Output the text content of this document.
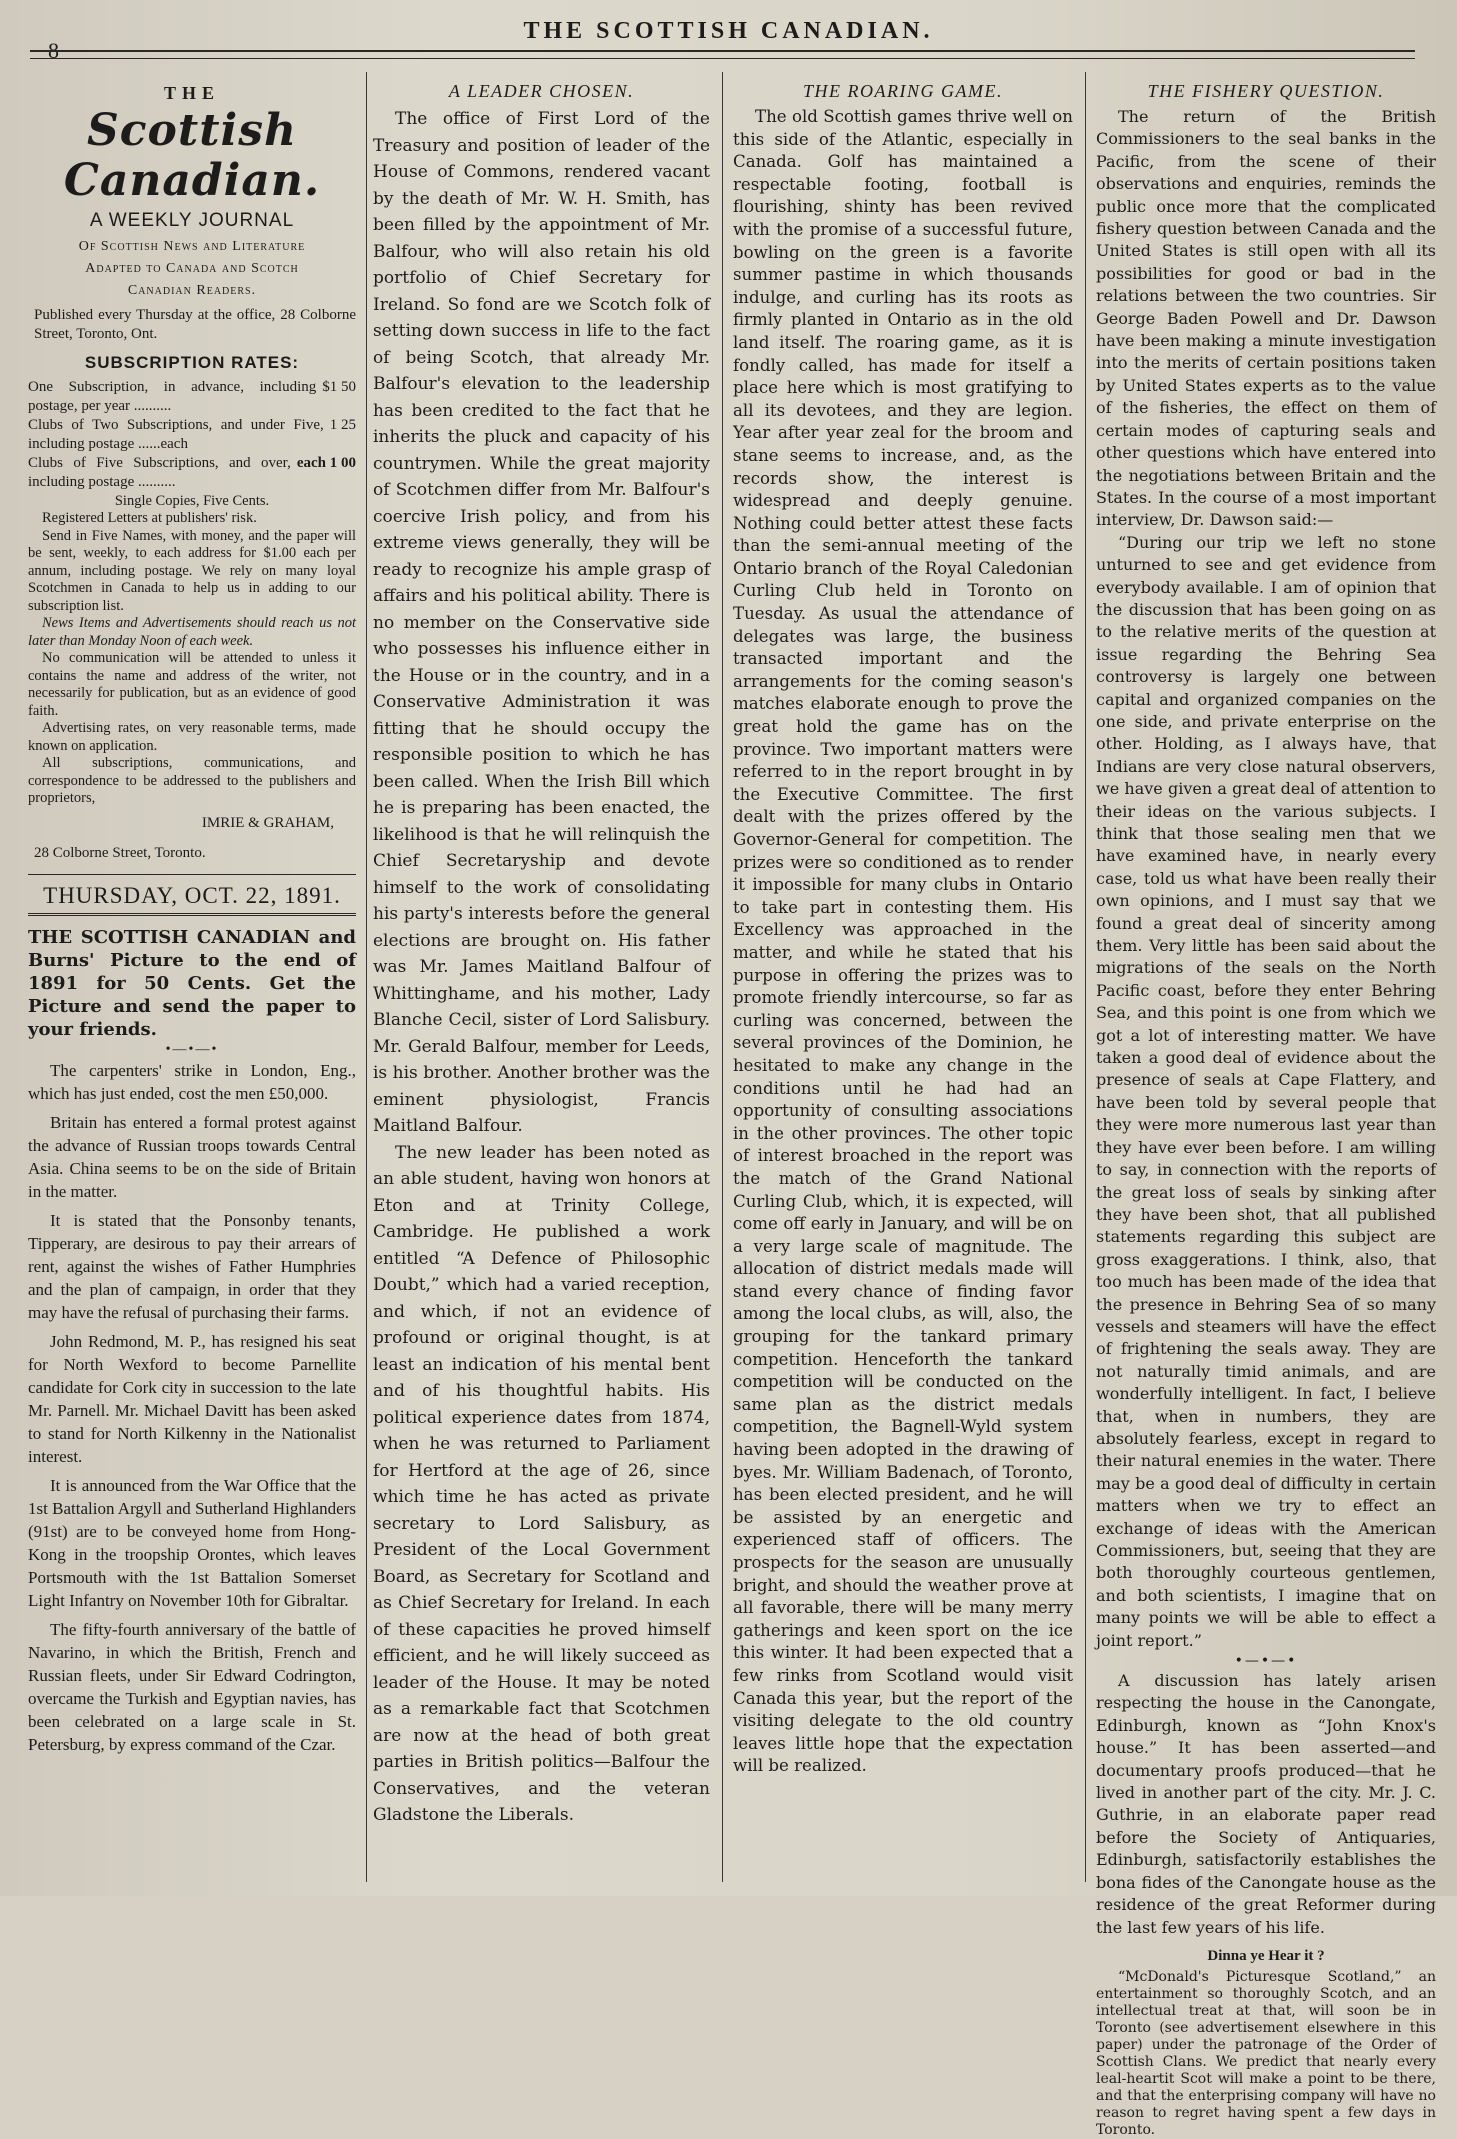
8
THE SCOTTISH CANADIAN.
THE
Scottish Canadian.
A WEEKLY JOURNAL
Of Scottish News and Literature
Adapted to Canada and Scotch
Canadian Readers.
Published every Thursday at the office, 28 Colborne Street, Toronto, Ont.
SUBSCRIPTION RATES:
One Subscription, in advance, including postage, per year ..........
$1 50
Clubs of Two Subscriptions, and under Five, including postage ......each
1 25
Clubs of Five Subscriptions, and over, including postage ..........
each 1 00
Single Copies, Five Cents.

Registered Letters at publishers' risk.

Send in Five Names, with money, and the paper will be sent, weekly, to each address for $1.00 each per annum, including postage. We rely on many loyal Scotchmen in Canada to help us in adding to our subscription list.

News Items and Advertisements should reach us not later than Monday Noon of each week.

No communication will be attended to unless it contains the name and address of the writer, not necessarily for publication, but as an evidence of good faith.

Advertising rates, on very reasonable terms, made known on application.

All subscriptions, communications, and correspondence to be addressed to the publishers and proprietors,

IMRIE & GRAHAM,
28 Colborne Street, Toronto.
THURSDAY, OCT. 22, 1891.
THE SCOTTISH CANADIAN and Burns' Picture to the end of 1891 for 50 Cents. Get the Picture and send the paper to your friends.
•—•—•

The carpenters' strike in London, Eng., which has just ended, cost the men £50,000.

Britain has entered a formal protest against the advance of Russian troops towards Central Asia. China seems to be on the side of Britain in the matter.

It is stated that the Ponsonby tenants, Tipperary, are desirous to pay their arrears of rent, against the wishes of Father Humphries and the plan of campaign, in order that they may have the refusal of purchasing their farms.

John Redmond, M. P., has resigned his seat for North Wexford to become Parnellite candidate for Cork city in succession to the late Mr. Parnell. Mr. Michael Davitt has been asked to stand for North Kilkenny in the Nationalist interest.

It is announced from the War Office that the 1st Battalion Argyll and Sutherland Highlanders (91st) are to be conveyed home from Hong-Kong in the troopship Orontes, which leaves Portsmouth with the 1st Battalion Somerset Light Infantry on November 10th for Gibraltar.

The fifty-fourth anniversary of the battle of Navarino, in which the British, French and Russian fleets, under Sir Edward Codrington, overcame the Turkish and Egyptian navies, has been celebrated on a large scale in St. Petersburg, by express command of the Czar.

A LEADER CHOSEN.

The office of First Lord of the Treasury and position of leader of the House of Commons, rendered vacant by the death of Mr. W. H. Smith, has been filled by the appointment of Mr. Balfour, who will also retain his old portfolio of Chief Secretary for Ireland. So fond are we Scotch folk of setting down success in life to the fact of being Scotch, that already Mr. Balfour's elevation to the leadership has been credited to the fact that he inherits the pluck and capacity of his countrymen. While the great majority of Scotchmen differ from Mr. Balfour's coercive Irish policy, and from his extreme views generally, they will be ready to recognize his ample grasp of affairs and his political ability. There is no member on the Conservative side who possesses his influence either in the House or in the country, and in a Conservative Administration it was fitting that he should occupy the responsible position to which he has been called. When the Irish Bill which he is preparing has been enacted, the likelihood is that he will relinquish the Chief Secretaryship and devote himself to the work of consolidating his party's interests before the general elections are brought on. His father was Mr. James Maitland Balfour of Whittinghame, and his mother, Lady Blanche Cecil, sister of Lord Salisbury. Mr. Gerald Balfour, member for Leeds, is his brother. Another brother was the eminent physiologist, Francis Maitland Balfour.

The new leader has been noted as an able student, having won honors at Eton and at Trinity College, Cambridge. He published a work entitled “A Defence of Philosophic Doubt,” which had a varied reception, and which, if not an evidence of profound or original thought, is at least an indication of his mental bent and of his thoughtful habits. His political experience dates from 1874, when he was returned to Parliament for Hertford at the age of 26, since which time he has acted as private secretary to Lord Salisbury, as President of the Local Government Board, as Secretary for Scotland and as Chief Secretary for Ireland. In each of these capacities he proved himself efficient, and he will likely succeed as leader of the House. It may be noted as a remarkable fact that Scotchmen are now at the head of both great parties in British politics—Balfour the Conservatives, and the veteran Gladstone the Liberals.

THE ROARING GAME.

The old Scottish games thrive well on this side of the Atlantic, especially in Canada. Golf has maintained a respectable footing, football is flourishing, shinty has been revived with the promise of a successful future, bowling on the green is a favorite summer pastime in which thousands indulge, and curling has its roots as firmly planted in Ontario as in the old land itself. The roaring game, as it is fondly called, has made for itself a place here which is most gratifying to all its devotees, and they are legion. Year after year zeal for the broom and stane seems to increase, and, as the records show, the interest is widespread and deeply genuine. Nothing could better attest these facts than the semi-annual meeting of the Ontario branch of the Royal Caledonian Curling Club held in Toronto on Tuesday. As usual the attendance of delegates was large, the business transacted important and the arrangements for the coming season's matches elaborate enough to prove the great hold the game has on the province. Two important matters were referred to in the report brought in by the Executive Committee. The first dealt with the prizes offered by the Governor-General for competition. The prizes were so conditioned as to render it impossible for many clubs in Ontario to take part in contesting them. His Excellency was approached in the matter, and while he stated that his purpose in offering the prizes was to promote friendly intercourse, so far as curling was concerned, between the several provinces of the Dominion, he hesitated to make any change in the conditions until he had had an opportunity of consulting associations in the other provinces. The other topic of interest broached in the report was the match of the Grand National Curling Club, which, it is expected, will come off early in January, and will be on a very large scale of magnitude. The allocation of district medals made will stand every chance of finding favor among the local clubs, as will, also, the grouping for the tankard primary competition. Henceforth the tankard competition will be conducted on the same plan as the district medals competition, the Bagnell-Wyld system having been adopted in the drawing of byes. Mr. William Badenach, of Toronto, has been elected president, and he will be assisted by an energetic and experienced staff of officers. The prospects for the season are unusually bright, and should the weather prove at all favorable, there will be many merry gatherings and keen sport on the ice this winter. It had been expected that a few rinks from Scotland would visit Canada this year, but the report of the visiting delegate to the old country leaves little hope that the expectation will be realized.

THE FISHERY QUESTION.

The return of the British Commissioners to the seal banks in the Pacific, from the scene of their observations and enquiries, reminds the public once more that the complicated fishery question between Canada and the United States is still open with all its possibilities for good or bad in the relations between the two countries. Sir George Baden Powell and Dr. Dawson have been making a minute investigation into the merits of certain positions taken by United States experts as to the value of the fisheries, the effect on them of certain modes of capturing seals and other questions which have entered into the negotiations between Britain and the States. In the course of a most important interview, Dr. Dawson said:—

“During our trip we left no stone unturned to see and get evidence from everybody available. I am of opinion that the discussion that has been going on as to the relative merits of the question at issue regarding the Behring Sea controversy is largely one between capital and organized companies on the one side, and private enterprise on the other. Holding, as I always have, that Indians are very close natural observers, we have given a great deal of attention to their ideas on the various subjects. I think that those sealing men that we have examined have, in nearly every case, told us what have been really their own opinions, and I must say that we found a great deal of sincerity among them. Very little has been said about the migrations of the seals on the North Pacific coast, before they enter Behring Sea, and this point is one from which we got a lot of interesting matter. We have taken a good deal of evidence about the presence of seals at Cape Flattery, and have been told by several people that they were more numerous last year than they have ever been before. I am willing to say, in connection with the reports of the great loss of seals by sinking after they have been shot, that all published statements regarding this subject are gross exaggerations. I think, also, that too much has been made of the idea that the presence in Behring Sea of so many vessels and steamers will have the effect of frightening the seals away. They are not naturally timid animals, and are wonderfully intelligent. In fact, I believe that, when in numbers, they are absolutely fearless, except in regard to their natural enemies in the water. There may be a good deal of difficulty in certain matters when we try to effect an exchange of ideas with the American Commissioners, but, seeing that they are both thoroughly courteous gentlemen, and both scientists, I imagine that on many points we will be able to effect a joint report.”

•—•—•

A discussion has lately arisen respecting the house in the Canongate, Edinburgh, known as “John Knox's house.” It has been asserted—and documentary proofs produced—that he lived in another part of the city. Mr. J. C. Guthrie, in an elaborate paper read before the Society of Antiquaries, Edinburgh, satisfactorily establishes the bona fides of the Canongate house as the residence of the great Reformer during the last few years of his life.

Dinna ye Hear it ?

“McDonald's Picturesque Scotland,” an entertainment so thoroughly Scotch, and an intellectual treat at that, will soon be in Toronto (see advertisement elsewhere in this paper) under the patronage of the Order of Scottish Clans. We predict that nearly every leal-heartit Scot will make a point to be there, and that the enterprising company will have no reason to regret having spent a few days in Toronto.
